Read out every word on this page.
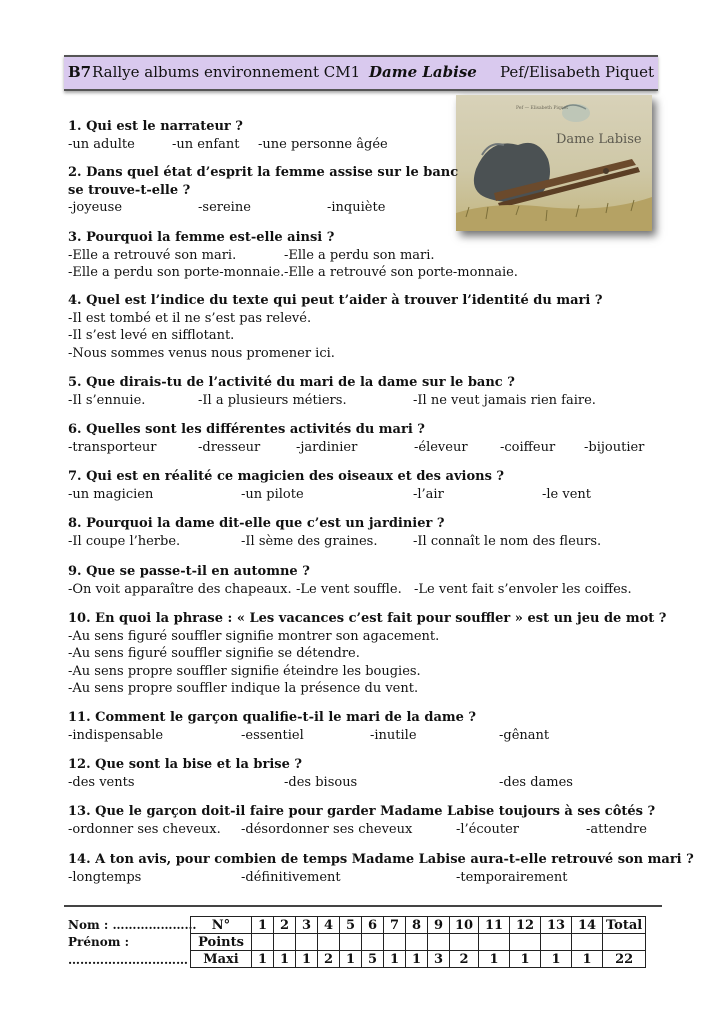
B7 Rallye albums environnement CM1 Dame Labise Pef/Elisabeth Piquet
Pef — Elisabeth Piquet
Dame Labise
1. Qui est le narrateur ?
-un adulte	-un enfant -une personne âgée
2. Dans quel état d’esprit la femme assise sur le banc
se trouve-t-elle ?
-joyeuse	-sereine	-inquiète
3. Pourquoi la femme est-elle ainsi ?
-Elle a retrouvé son mari.	-Elle a perdu son mari.
-Elle a perdu son porte-monnaie. -Elle a retrouvé son porte-monnaie.
4. Quel est l’indice du texte qui peut t’aider à trouver l’identité du mari ?
-Il est tombé et il ne s’est pas relevé.
-Il s’est levé en sifflotant.
-Nous sommes venus nous promener ici.
5. Que dirais-tu de l’activité du mari de la dame sur le banc ?
-Il s’ennuie.	-Il a plusieurs métiers.	-Il ne veut jamais rien faire.
6. Quelles sont les différentes activités du mari ?
-transporteur	-dresseur	-jardinier	-éleveur -coiffeur -bijoutier
7. Qui est en réalité ce magicien des oiseaux et des avions ?
-un magicien	-un pilote	-l’air	-le vent
8. Pourquoi la dame dit-elle que c’est un jardinier ?
-Il coupe l’herbe.	-Il sème des graines.	-Il connaît le nom des fleurs.
9. Que se passe-t-il en automne ?
-On voit apparaître des chapeaux. -Le vent souffle. -Le vent fait s’envoler les coiffes.
10. En quoi la phrase : « Les vacances c’est fait pour souffler » est un jeu de mot ?
-Au sens figuré souffler signifie montrer son agacement.
-Au sens figuré souffler signifie se détendre.
-Au sens propre souffler signifie éteindre les bougies.
-Au sens propre souffler indique la présence du vent.
11. Comment le garçon qualifie-t-il le mari de la dame ?
-indispensable	-essentiel	-inutile	-gênant
12. Que sont la bise et la brise ?
-des vents	-des bisous	-des dames
13. Que le garçon doit-il faire pour garder Madame Labise toujours à ses côtés ?
-ordonner ses cheveux. -désordonner ses cheveux	-l’écouter	-attendre
14. A ton avis, pour combien de temps Madame Labise aura-t-elle retrouvé son mari ?
-longtemps	-définitivement	-temporairement
Nom : …………………
Prénom :
…………………………
N°	1	2	3	4	5	6	7	8	9	10	11	12	13	14	Total
Points															
Maxi	1	1	1	2	1	5	1	1	3	2	1	1	1	1	22
